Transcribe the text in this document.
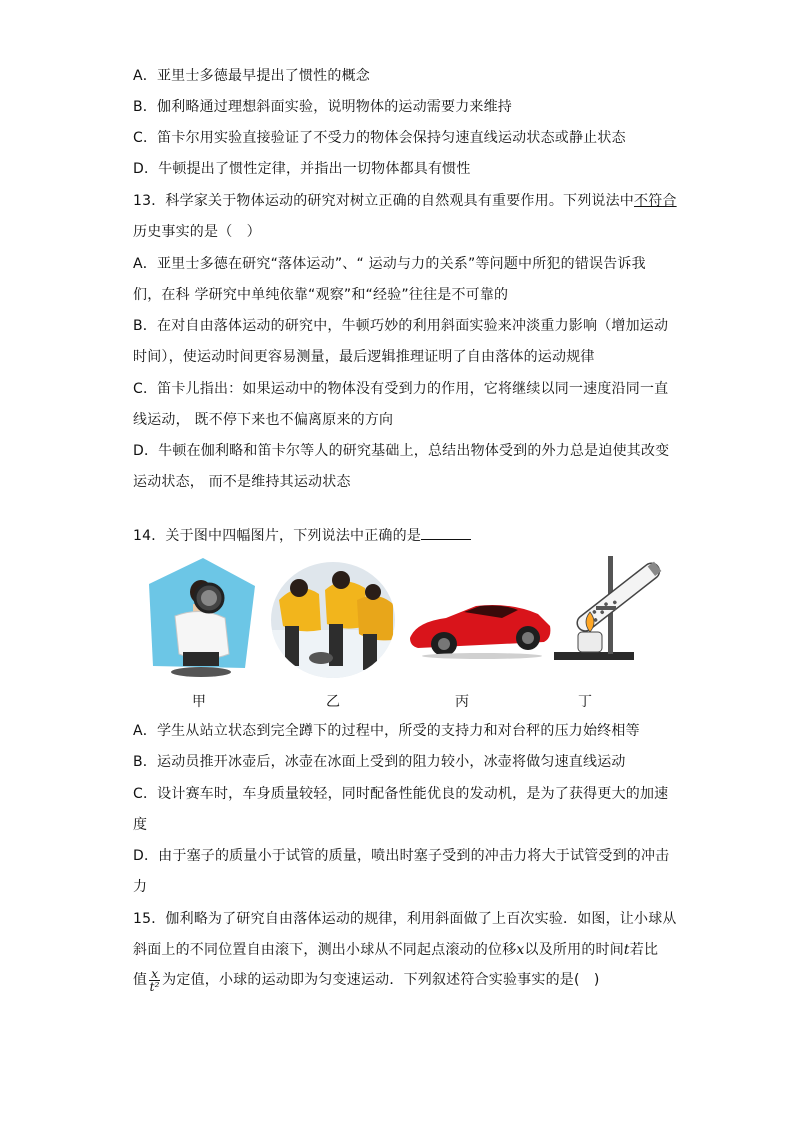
A．亚里士多德最早提出了惯性的概念
B．伽利略通过理想斜面实验，说明物体的运动需要力来维持
C．笛卡尔用实验直接验证了不受力的物体会保持匀速直线运动状态或静止状态
D．牛顿提出了惯性定律，并指出一切物体都具有惯性
13．科学家关于物体运动的研究对树立正确的自然观具有重要作用。下列说法中不符合
历史事实的是（　）
A．亚里士多德在研究“落体运动”、“ 运动与力的关系”等问题中所犯的错误告诉我
们，在科 学研究中单纯依靠“观察”和“经验”往往是不可靠的
B．在对自由落体运动的研究中，牛顿巧妙的利用斜面实验来冲淡重力影响（增加运动
时间），使运动时间更容易测量，最后逻辑推理证明了自由落体的运动规律
C．笛卡儿指出：如果运动中的物体没有受到力的作用，它将继续以同一速度沿同一直
线运动， 既不停下来也不偏离原来的方向
D．牛顿在伽利略和笛卡尔等人的研究基础上，总结出物体受到的外力总是迫使其改变
运动状态， 而不是维持其运动状态
14．关于图中四幅图片，下列说法中正确的是
甲	乙	丙	丁
A．学生从站立状态到完全蹲下的过程中，所受的支持力和对台秤的压力始终相等
B．运动员推开冰壶后，冰壶在冰面上受到的阻力较小，冰壶将做匀速直线运动
C．设计赛车时，车身质量较轻，同时配备性能优良的发动机，是为了获得更大的加速
度
D．由于塞子的质量小于试管的质量，喷出时塞子受到的冲击力将大于试管受到的冲击
力
15．伽利略为了研究自由落体运动的规律，利用斜面做了上百次实验．如图，让小球从
斜面上的不同位置自由滚下，测出小球从不同起点滚动的位移x以及所用的时间t若比
值 $\frac{x}{\text{t²}}$ 为定值，小球的运动即为匀变速运动．下列叙述符合实验事实的是(　)
